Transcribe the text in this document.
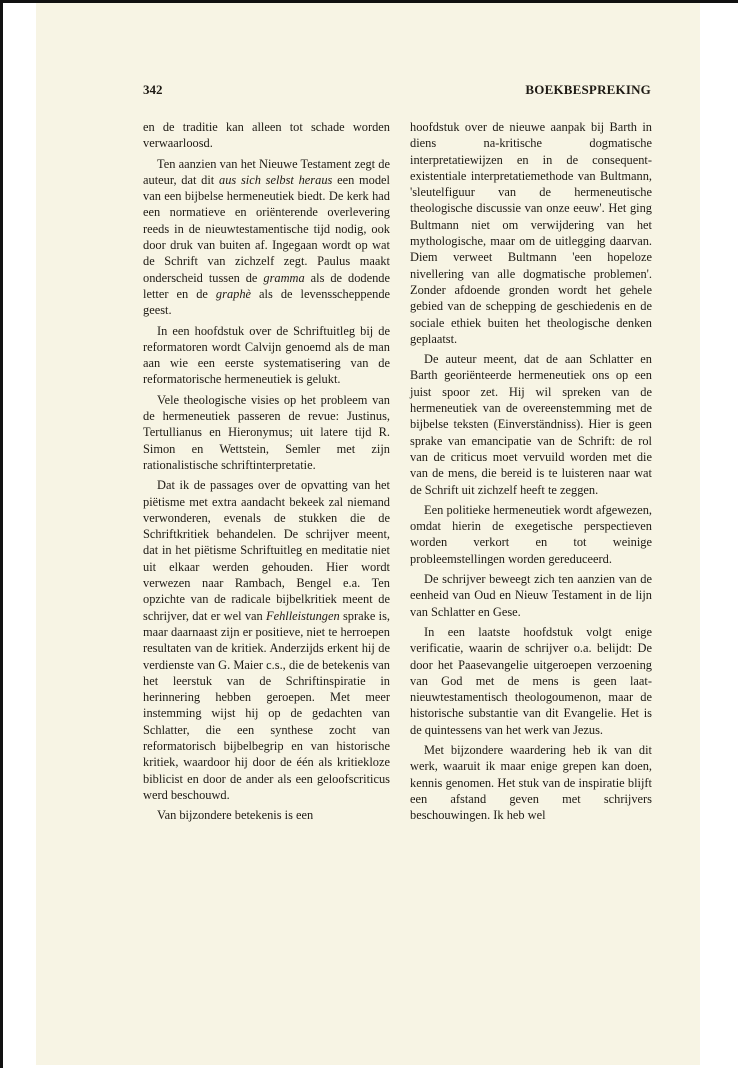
342	BOEKBESPREKING

en de traditie kan alleen tot schade worden verwaarloosd.

Ten aanzien van het Nieuwe Testament zegt de auteur, dat dit aus sich selbst heraus een model van een bijbelse hermeneutiek biedt. De kerk had een normatieve en oriënterende overlevering reeds in de nieuwtestamentische tijd nodig, ook door druk van buiten af. Ingegaan wordt op wat de Schrift van zichzelf zegt. Paulus maakt onderscheid tussen de gramma als de dodende letter en de graphè als de levensscheppende geest.

In een hoofdstuk over de Schriftuitleg bij de reformatoren wordt Calvijn genoemd als de man aan wie een eerste systematisering van de reformatorische hermeneutiek is gelukt.

Vele theologische visies op het probleem van de hermeneutiek passeren de revue: Justinus, Tertullianus en Hieronymus; uit latere tijd R. Simon en Wettstein, Semler met zijn rationalistische schriftinterpretatie.

Dat ik de passages over de opvatting van het piëtisme met extra aandacht bekeek zal niemand verwonderen, evenals de stukken die de Schriftkritiek behandelen. De schrijver meent, dat in het piëtisme Schriftuitleg en meditatie niet uit elkaar werden gehouden. Hier wordt verwezen naar Rambach, Bengel e.a. Ten opzichte van de radicale bijbelkritiek meent de schrijver, dat er wel van Fehlleistungen sprake is, maar daarnaast zijn er positieve, niet te herroepen resultaten van de kritiek. Anderzijds erkent hij de verdienste van G. Maier c.s., die de betekenis van het leerstuk van de Schriftinspiratie in herinnering hebben geroepen. Met meer instemming wijst hij op de gedachten van Schlatter, die een synthese zocht van reformatorisch bijbelbegrip en van historische kritiek, waardoor hij door de één als kritiekloze biblicist en door de ander als een geloofscriticus werd beschouwd.

Van bijzondere betekenis is een

hoofdstuk over de nieuwe aanpak bij Barth in diens na-kritische dogmatische interpretatiewijzen en in de consequent-existentiale interpretatiemethode van Bultmann, 'sleutelfiguur van de hermeneutische theologische discussie van onze eeuw'. Het ging Bultmann niet om verwijdering van het mythologische, maar om de uitlegging daarvan. Diem verweet Bultmann 'een hopeloze nivellering van alle dogmatische problemen'. Zonder afdoende gronden wordt het gehele gebied van de schepping de geschiedenis en de sociale ethiek buiten het theologische denken geplaatst.

De auteur meent, dat de aan Schlatter en Barth georiënteerde hermeneutiek ons op een juist spoor zet. Hij wil spreken van de hermeneutiek van de overeenstemming met de bijbelse teksten (Einverständniss). Hier is geen sprake van emancipatie van de Schrift: de rol van de criticus moet vervuild worden met die van de mens, die bereid is te luisteren naar wat de Schrift uit zichzelf heeft te zeggen.

Een politieke hermeneutiek wordt afgewezen, omdat hierin de exegetische perspectieven worden verkort en tot weinige probleemstellingen worden gereduceerd.

De schrijver beweegt zich ten aanzien van de eenheid van Oud en Nieuw Testament in de lijn van Schlatter en Gese.

In een laatste hoofdstuk volgt enige verificatie, waarin de schrijver o.a. belijdt: De door het Paasevangelie uitgeroepen verzoening van God met de mens is geen laat-nieuwtestamentisch theologoumenon, maar de historische substantie van dit Evangelie. Het is de quintessens van het werk van Jezus.

Met bijzondere waardering heb ik van dit werk, waaruit ik maar enige grepen kan doen, kennis genomen. Het stuk van de inspiratie blijft een afstand geven met schrijvers beschouwingen. Ik heb wel
